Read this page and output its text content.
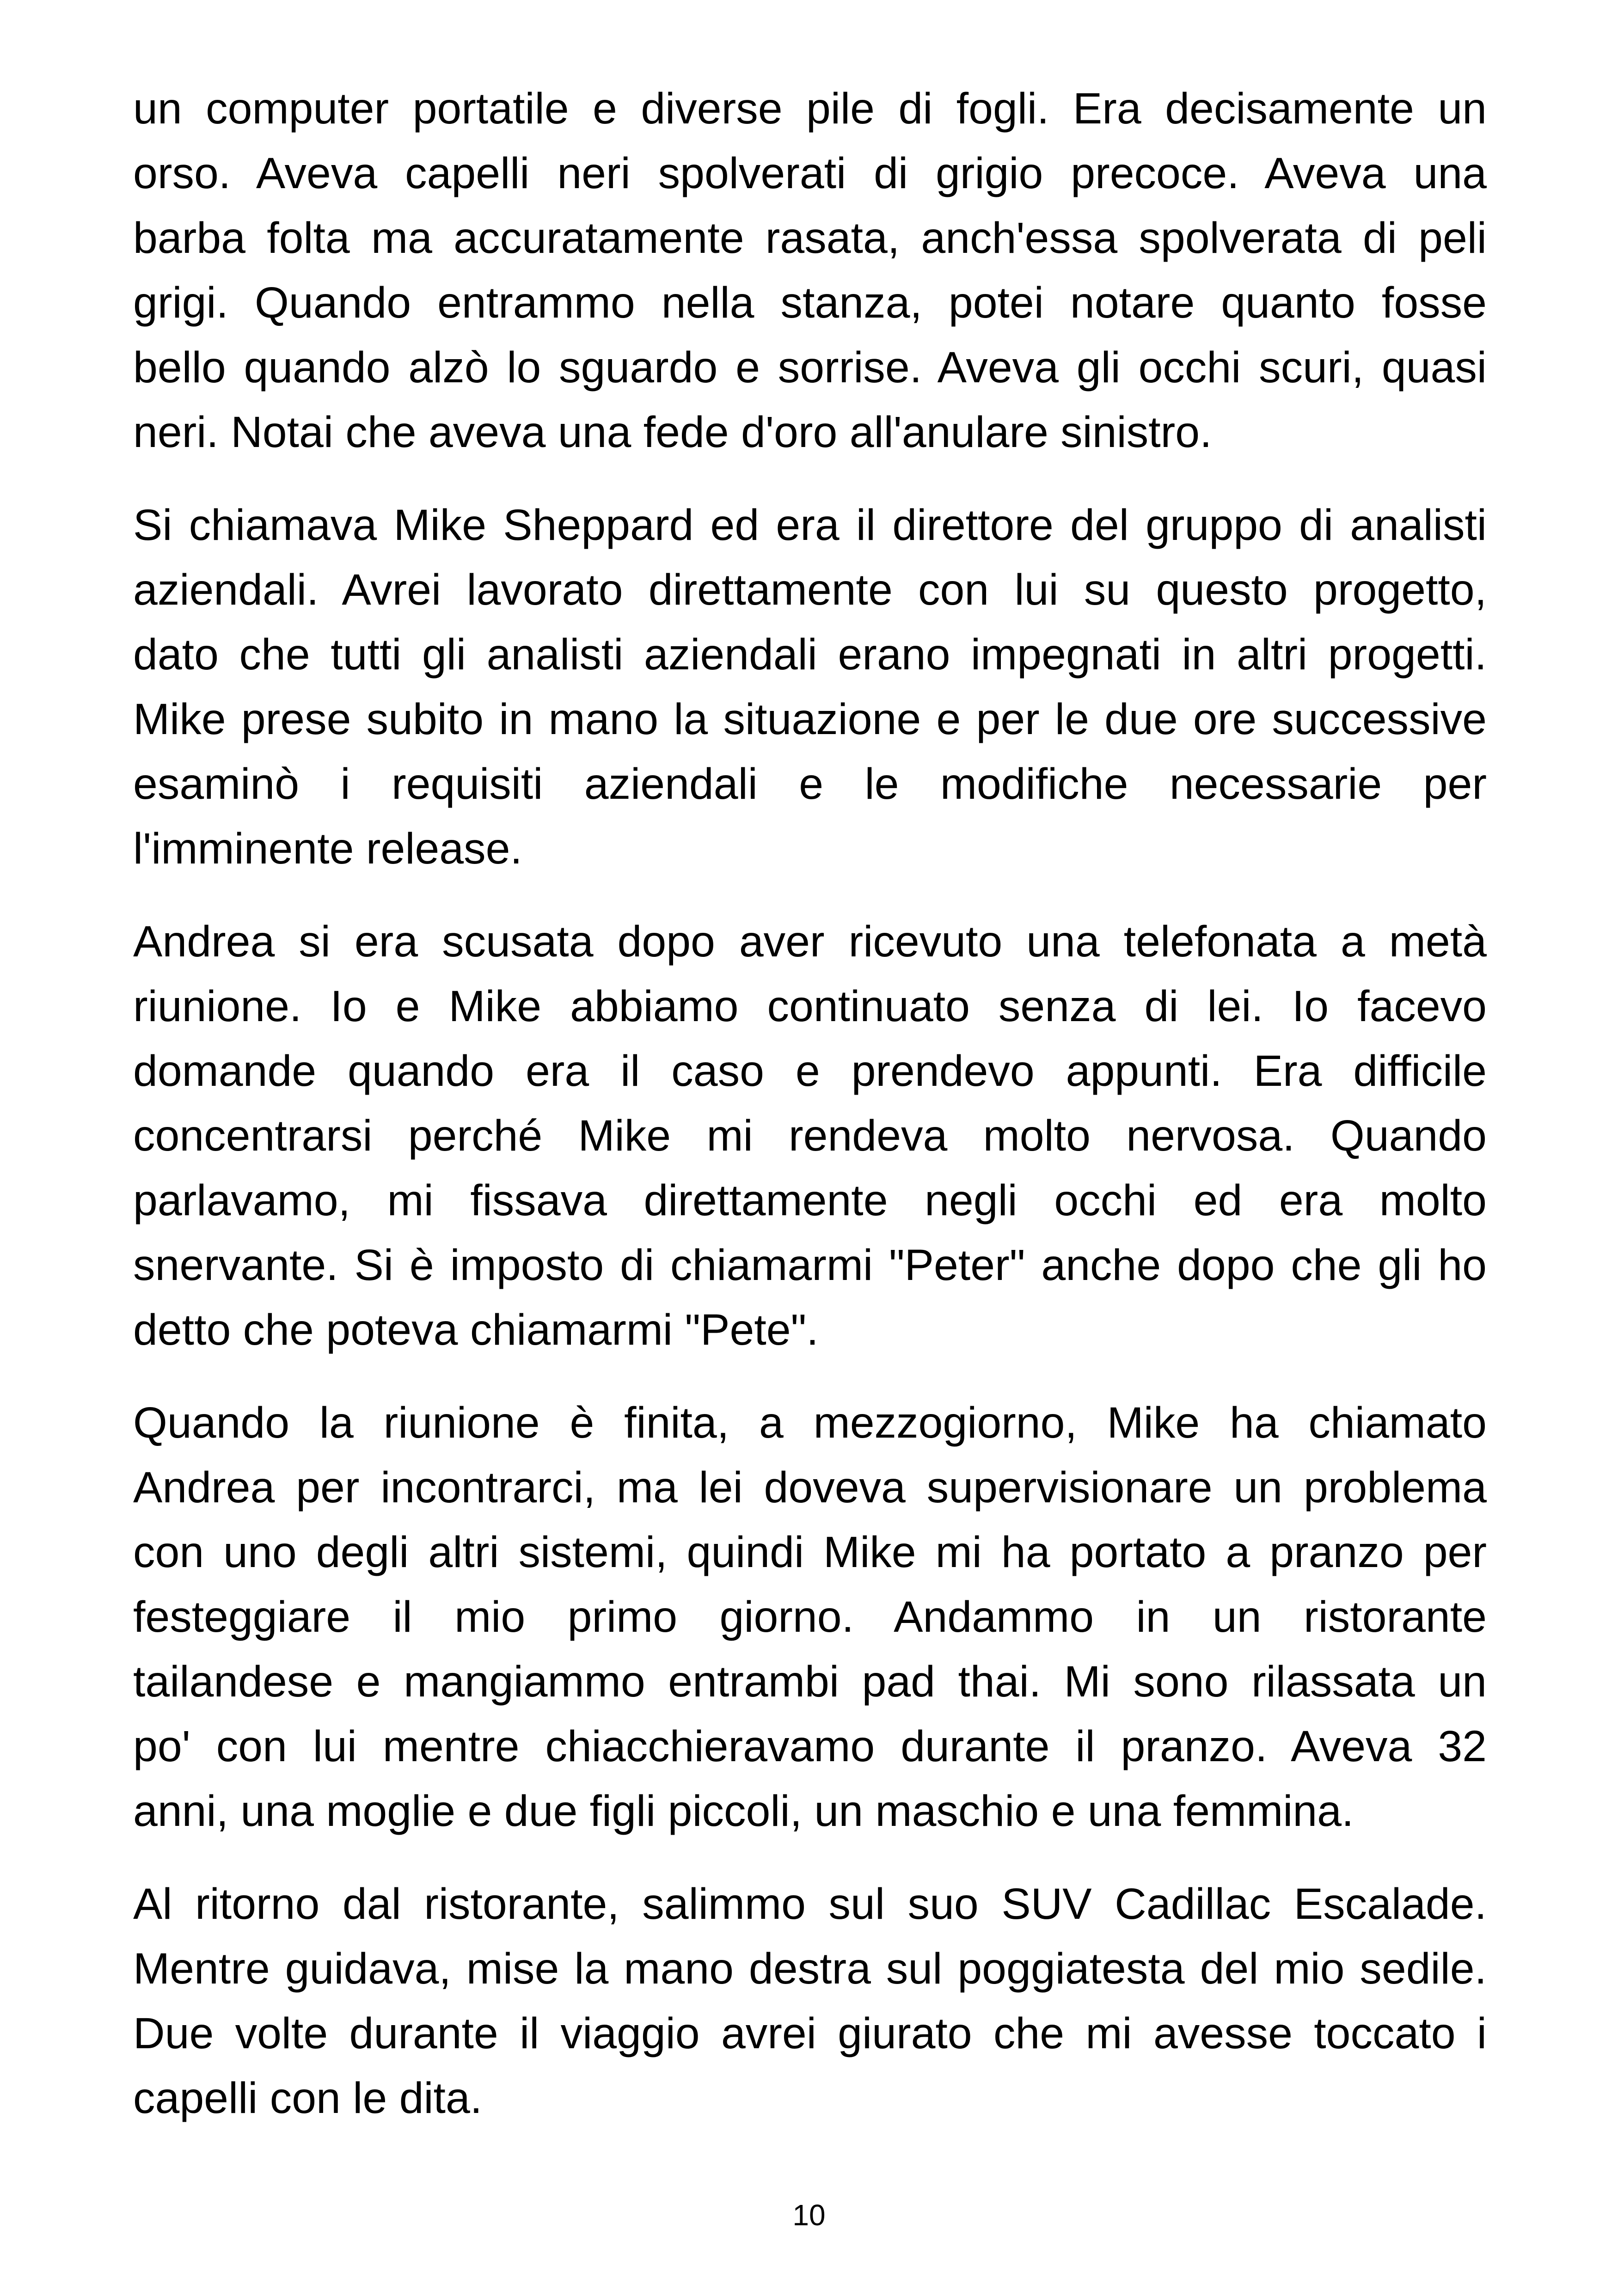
un computer portatile e diverse pile di fogli. Era decisamente un
orso. Aveva capelli neri spolverati di grigio precoce. Aveva una
barba folta ma accuratamente rasata, anch'essa spolverata di peli
grigi. Quando entrammo nella stanza, potei notare quanto fosse
bello quando alzò lo sguardo e sorrise. Aveva gli occhi scuri, quasi
neri. Notai che aveva una fede d'oro all'anulare sinistro.
Si chiamava Mike Sheppard ed era il direttore del gruppo di analisti
aziendali. Avrei lavorato direttamente con lui su questo progetto,
dato che tutti gli analisti aziendali erano impegnati in altri progetti.
Mike prese subito in mano la situazione e per le due ore successive
esaminò i requisiti aziendali e le modifiche necessarie per
l'imminente release.
Andrea si era scusata dopo aver ricevuto una telefonata a metà
riunione. Io e Mike abbiamo continuato senza di lei. Io facevo
domande quando era il caso e prendevo appunti. Era difficile
concentrarsi perché Mike mi rendeva molto nervosa. Quando
parlavamo, mi fissava direttamente negli occhi ed era molto
snervante. Si è imposto di chiamarmi "Peter" anche dopo che gli ho
detto che poteva chiamarmi "Pete".
Quando la riunione è finita, a mezzogiorno, Mike ha chiamato
Andrea per incontrarci, ma lei doveva supervisionare un problema
con uno degli altri sistemi, quindi Mike mi ha portato a pranzo per
festeggiare il mio primo giorno. Andammo in un ristorante
tailandese e mangiammo entrambi pad thai. Mi sono rilassata un
po' con lui mentre chiacchieravamo durante il pranzo. Aveva 32
anni, una moglie e due figli piccoli, un maschio e una femmina.
Al ritorno dal ristorante, salimmo sul suo SUV Cadillac Escalade.
Mentre guidava, mise la mano destra sul poggiatesta del mio sedile.
Due volte durante il viaggio avrei giurato che mi avesse toccato i
capelli con le dita.
10
